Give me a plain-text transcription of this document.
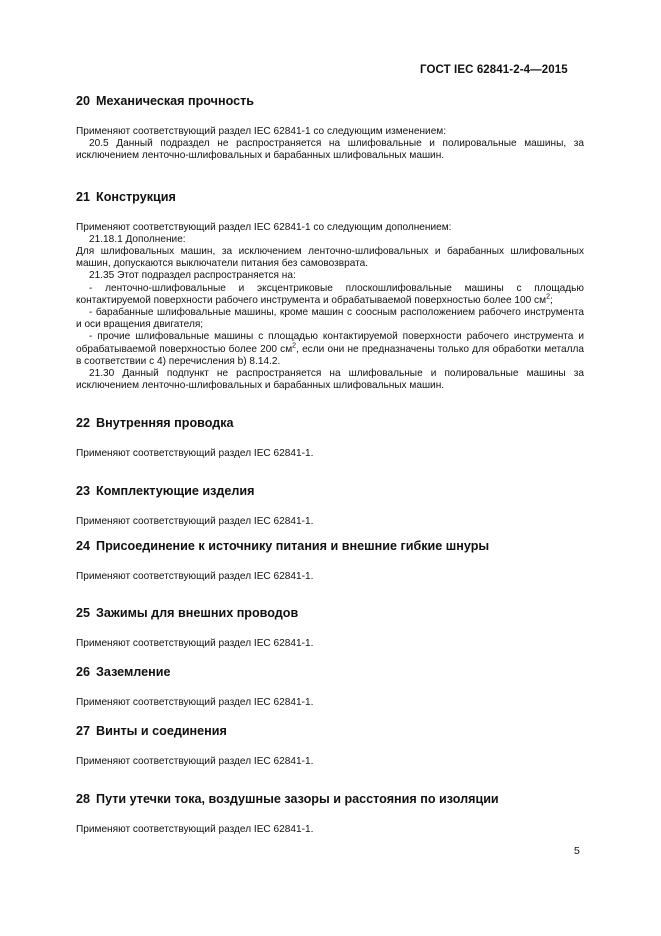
ГОСТ IEC 62841-2-4—2015
20 Механическая прочность

Применяют соответствующий раздел IEC 62841-1 со следующим изменением:

20.5 Данный подраздел не распространяется на шлифовальные и полировальные машины, за исключением ленточно-шлифовальных и барабанных шлифовальных машин.

21 Конструкция

Применяют соответствующий раздел IEC 62841-1 со следующим дополнением:

21.18.1 Дополнение:

Для шлифовальных машин, за исключением ленточно-шлифовальных и барабанных шлифовальных машин, допускаются выключатели питания без самовозврата.

21.35 Этот подраздел распространяется на:

- ленточно-шлифовальные и эксцентриковые плоскошлифовальные машины с площадью контактируемой поверхности рабочего инструмента и обрабатываемой поверхностью более 100 $см^2$;

- барабанные шлифовальные машины, кроме машин с соосным расположением рабочего инструмента и оси вращения двигателя;

- прочие шлифовальные машины с площадью контактируемой поверхности рабочего инструмента и обрабатываемой поверхностью более 200 $см^2$, если они не предназначены только для обработки металла в соответствии с 4) перечисления b) 8.14.2.

21.30 Данный подпункт не распространяется на шлифовальные и полировальные машины за исключением ленточно-шлифовальных и барабанных шлифовальных машин.

22 Внутренняя проводка

Применяют соответствующий раздел IEC 62841-1.

23 Комплектующие изделия

Применяют соответствующий раздел IEC 62841-1.

24 Присоединение к источнику питания и внешние гибкие шнуры

Применяют соответствующий раздел IEC 62841-1.

25 Зажимы для внешних проводов

Применяют соответствующий раздел IEC 62841-1.

26 Заземление

Применяют соответствующий раздел IEC 62841-1.

27 Винты и соединения

Применяют соответствующий раздел IEC 62841-1.

28 Пути утечки тока, воздушные зазоры и расстояния по изоляции

Применяют соответствующий раздел IEC 62841-1.

5
